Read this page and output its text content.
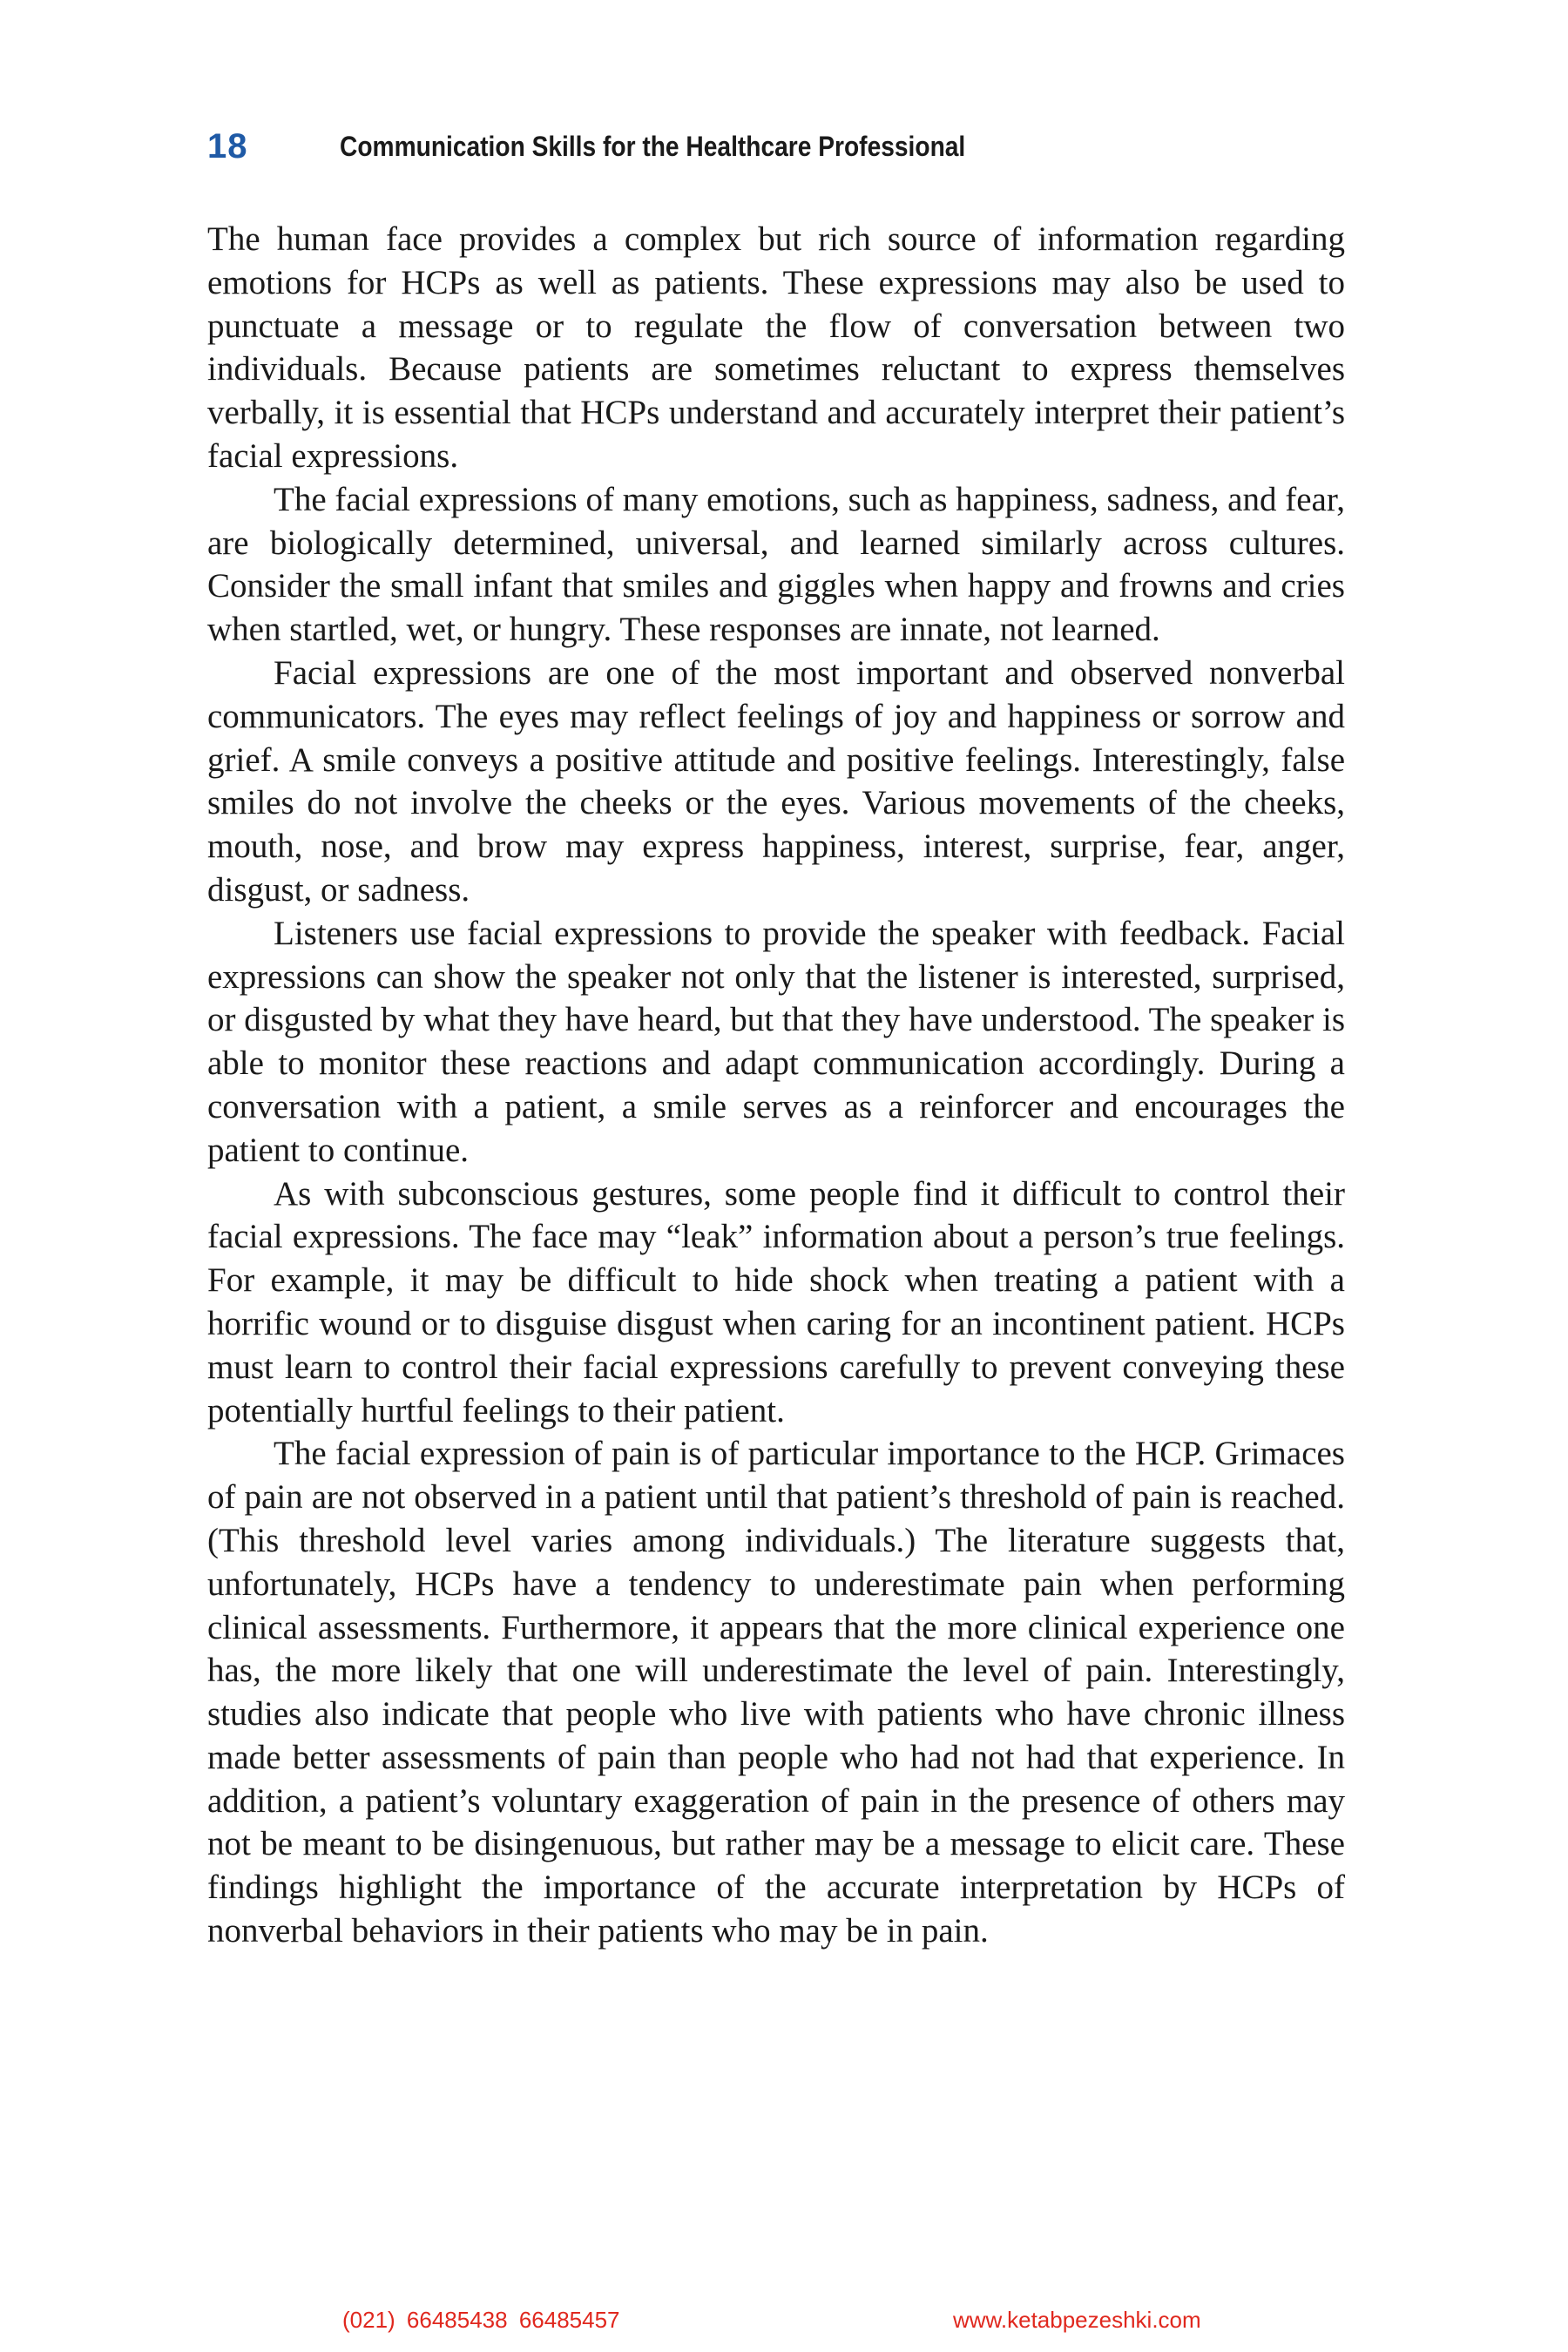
18	Communication Skills for the Healthcare Professional

The human face provides a complex but rich source of information regarding emotions for HCPs as well as patients. These expressions may also be used to punctuate a message or to regulate the flow of conversation between two individuals. Because patients are sometimes reluctant to express themselves verbally, it is essential that HCPs understand and accurately interpret their patient’s facial expressions.

The facial expressions of many emotions, such as happiness, sadness, and fear, are biologically determined, universal, and learned similarly across cultures. Consider the small infant that smiles and giggles when happy and frowns and cries when startled, wet, or hungry. These responses are innate, not learned.

Facial expressions are one of the most important and observed nonverbal communicators. The eyes may reflect feelings of joy and happiness or sorrow and grief. A smile conveys a positive attitude and positive feelings. Interestingly, false smiles do not involve the cheeks or the eyes. Various movements of the cheeks, mouth, nose, and brow may express happiness, interest, surprise, fear, anger, disgust, or sadness.

Listeners use facial expressions to provide the speaker with feedback. Facial expressions can show the speaker not only that the listener is interested, surprised, or disgusted by what they have heard, but that they have understood. The speaker is able to monitor these reactions and adapt communication accordingly. During a conversation with a patient, a smile serves as a reinforcer and encourages the patient to continue.

As with subconscious gestures, some people find it difficult to control their facial expressions. The face may “leak” information about a person’s true feelings. For example, it may be difficult to hide shock when treating a patient with a horrific wound or to disguise disgust when caring for an incontinent patient. HCPs must learn to control their facial expressions carefully to prevent conveying these potentially hurtful feelings to their patient.

The facial expression of pain is of particular importance to the HCP. Grimaces of pain are not observed in a patient until that patient’s threshold of pain is reached. (This threshold level varies among individuals.) The literature suggests that, unfortunately, HCPs have a tendency to underestimate pain when performing clinical assessments. Furthermore, it appears that the more clinical experience one has, the more likely that one will underestimate the level of pain. Interestingly, studies also indicate that people who live with patients who have chronic illness made better assessments of pain than people who had not had that experience. In addition, a patient’s voluntary exaggeration of pain in the presence of others may not be meant to be disingenuous, but rather may be a message to elicit care. These findings highlight the importance of the accurate interpretation by HCPs of nonverbal behaviors in their patients who may be in pain.

(021) 66485438 66485457	www.ketabpezeshki.com
